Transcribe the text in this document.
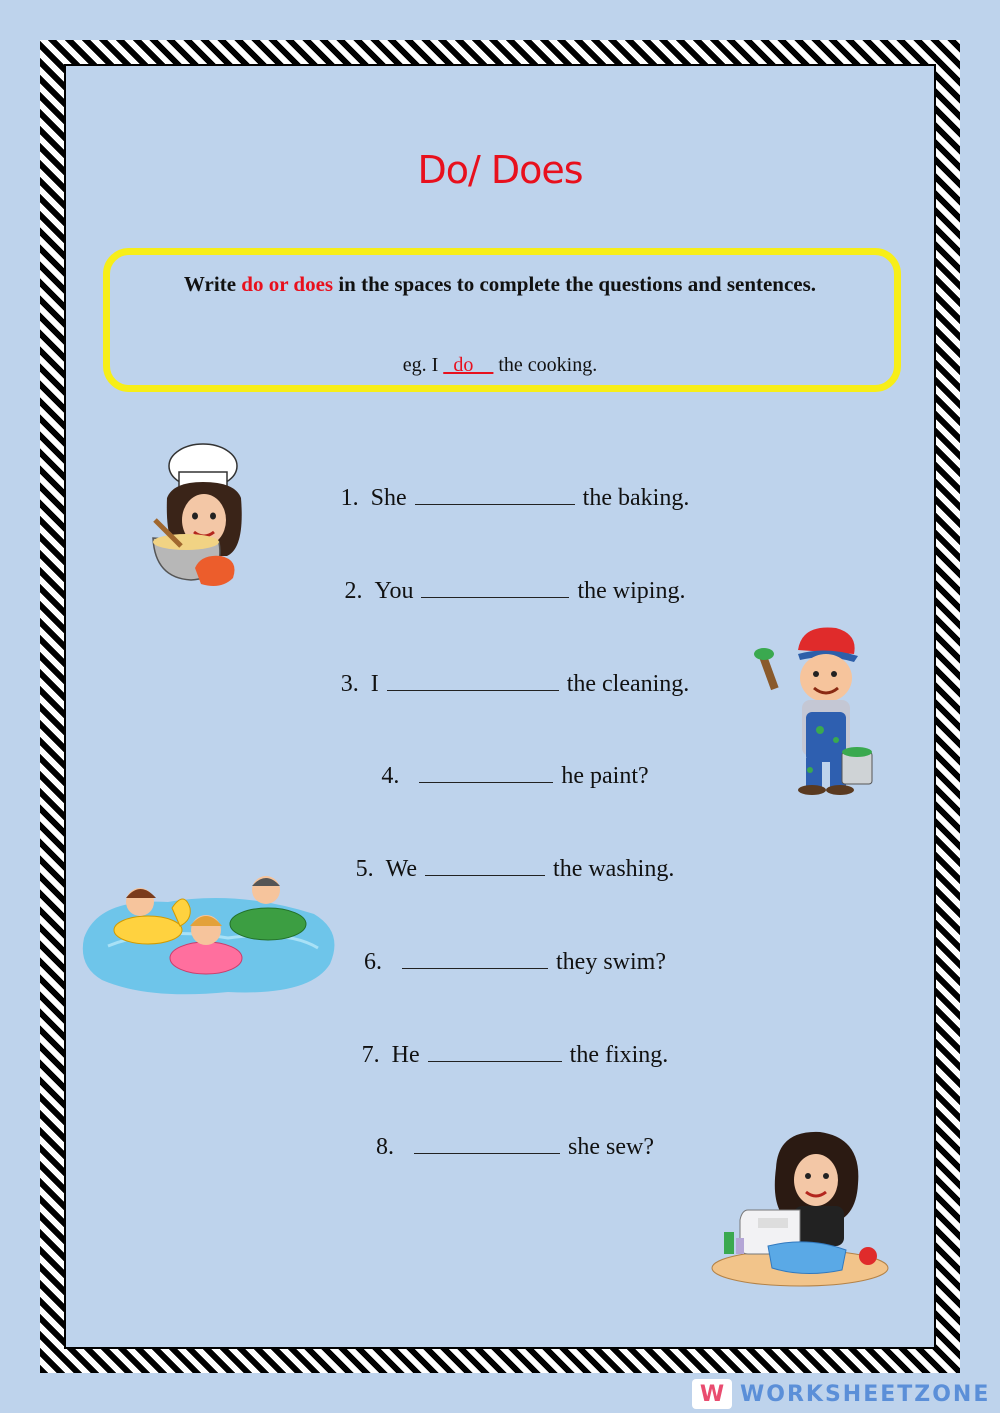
Do/ Does
Write do or does in the spaces to complete the questions and sentences.
eg. I _do__ the cooking.
1. She	the baking.
2. You	the wiping.
3. I	the cleaning.
4.	he paint?
5. We	the washing.
6.	they swim?
7. He	the fixing.
8.	she sew?
W WORKSHEETZONE
